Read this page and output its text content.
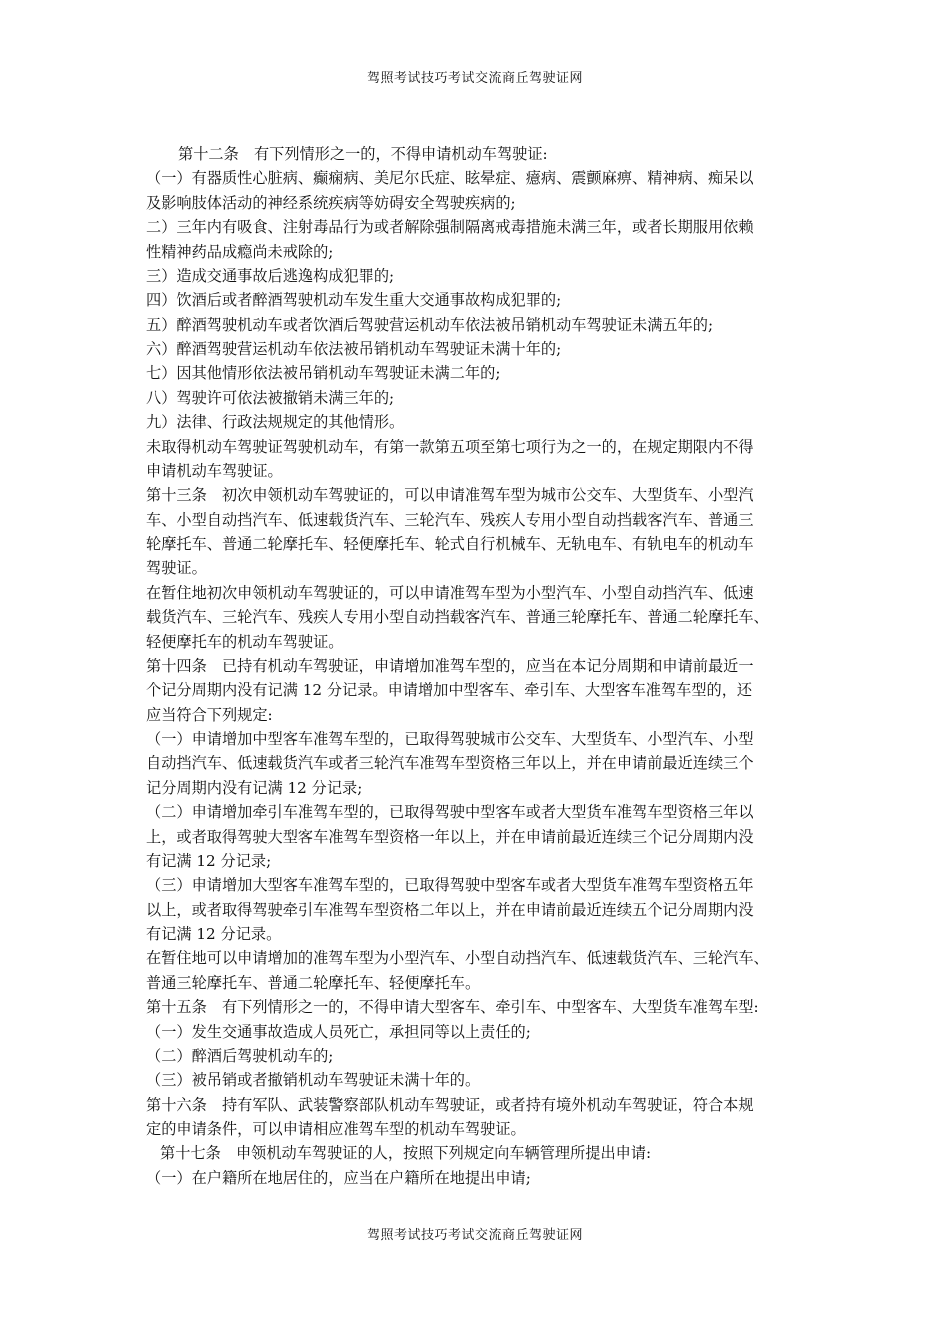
驾照考试技巧考试交流商丘驾驶证网
第十二条　有下列情形之一的，不得申请机动车驾驶证:
（一）有器质性心脏病、癫痫病、美尼尔氏症、眩晕症、癔病、震颤麻痹、精神病、痴呆以
及影响肢体活动的神经系统疾病等妨碍安全驾驶疾病的;
二）三年内有吸食、注射毒品行为或者解除强制隔离戒毒措施未满三年，或者长期服用依赖
性精神药品成瘾尚未戒除的;
三）造成交通事故后逃逸构成犯罪的;
四）饮酒后或者醉酒驾驶机动车发生重大交通事故构成犯罪的;
五）醉酒驾驶机动车或者饮酒后驾驶营运机动车依法被吊销机动车驾驶证未满五年的;
六）醉酒驾驶营运机动车依法被吊销机动车驾驶证未满十年的;
七）因其他情形依法被吊销机动车驾驶证未满二年的;
八）驾驶许可依法被撤销未满三年的;
九）法律、行政法规规定的其他情形。
未取得机动车驾驶证驾驶机动车，有第一款第五项至第七项行为之一的，在规定期限内不得
申请机动车驾驶证。
第十三条　初次申领机动车驾驶证的，可以申请准驾车型为城市公交车、大型货车、小型汽
车、小型自动挡汽车、低速载货汽车、三轮汽车、残疾人专用小型自动挡载客汽车、普通三
轮摩托车、普通二轮摩托车、轻便摩托车、轮式自行机械车、无轨电车、有轨电车的机动车
驾驶证。
在暂住地初次申领机动车驾驶证的，可以申请准驾车型为小型汽车、小型自动挡汽车、低速
载货汽车、三轮汽车、残疾人专用小型自动挡载客汽车、普通三轮摩托车、普通二轮摩托车、
轻便摩托车的机动车驾驶证。
第十四条　已持有机动车驾驶证，申请增加准驾车型的，应当在本记分周期和申请前最近一
个记分周期内没有记满 12 分记录。申请增加中型客车、牵引车、大型客车准驾车型的，还
应当符合下列规定:
（一）申请增加中型客车准驾车型的，已取得驾驶城市公交车、大型货车、小型汽车、小型
自动挡汽车、低速载货汽车或者三轮汽车准驾车型资格三年以上，并在申请前最近连续三个
记分周期内没有记满 12 分记录;
（二）申请增加牵引车准驾车型的，已取得驾驶中型客车或者大型货车准驾车型资格三年以
上，或者取得驾驶大型客车准驾车型资格一年以上，并在申请前最近连续三个记分周期内没
有记满 12 分记录;
（三）申请增加大型客车准驾车型的，已取得驾驶中型客车或者大型货车准驾车型资格五年
以上，或者取得驾驶牵引车准驾车型资格二年以上，并在申请前最近连续五个记分周期内没
有记满 12 分记录。
在暂住地可以申请增加的准驾车型为小型汽车、小型自动挡汽车、低速载货汽车、三轮汽车、
普通三轮摩托车、普通二轮摩托车、轻便摩托车。
第十五条　有下列情形之一的，不得申请大型客车、牵引车、中型客车、大型货车准驾车型:
（一）发生交通事故造成人员死亡，承担同等以上责任的;
（二）醉酒后驾驶机动车的;
（三）被吊销或者撤销机动车驾驶证未满十年的。
第十六条　持有军队、武装警察部队机动车驾驶证，或者持有境外机动车驾驶证，符合本规
定的申请条件，可以申请相应准驾车型的机动车驾驶证。
第十七条　申领机动车驾驶证的人，按照下列规定向车辆管理所提出申请:
（一）在户籍所在地居住的，应当在户籍所在地提出申请;
驾照考试技巧考试交流商丘驾驶证网
